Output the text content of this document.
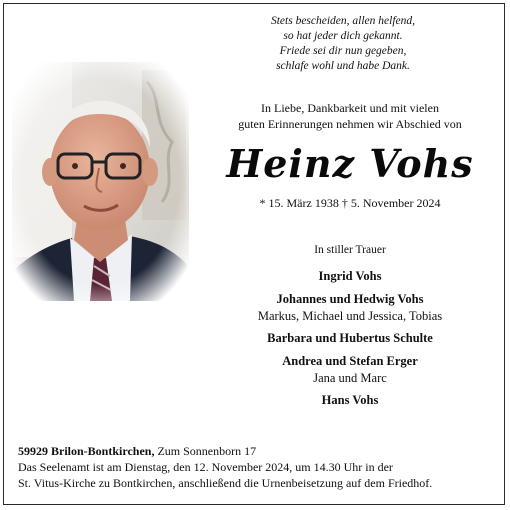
Stets bescheiden, allen helfend,
so hat jeder dich gekannt.
Friede sei dir nun gegeben,
schlafe wohl und habe Dank.
In Liebe, Dankbarkeit und mit vielen
guten Erinnerungen nehmen wir Abschied von
Heinz Vohs
* 15. März 1938 † 5. November 2024
In stiller Trauer
Ingrid Vohs
Johannes und Hedwig Vohs
Markus, Michael und Jessica, Tobias
Barbara und Hubertus Schulte
Andrea und Stefan Erger
Jana und Marc
Hans Vohs
59929 Brilon-Bontkirchen, Zum Sonnenborn 17
Das Seelenamt ist am Dienstag, den 12. November 2024, um 14.30 Uhr in der
St. Vitus-Kirche zu Bontkirchen, anschließend die Urnenbeisetzung auf dem Friedhof.
